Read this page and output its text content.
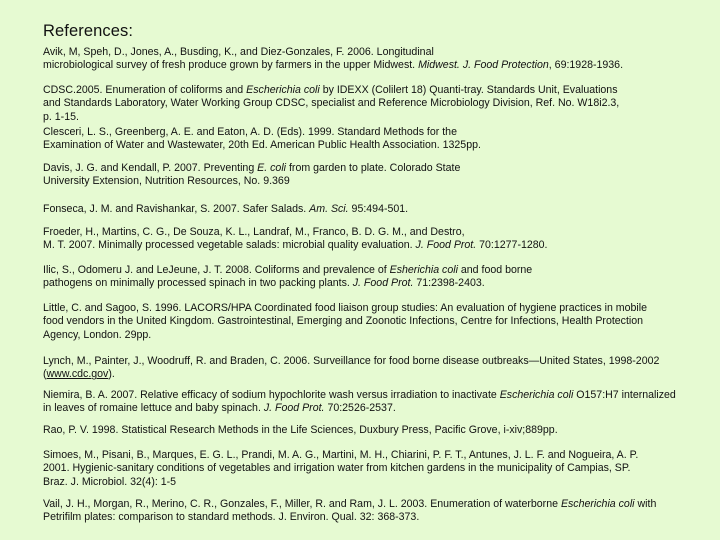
References:
Avik, M, Speh, D., Jones, A., Busding, K., and Diez-Gonzales, F. 2006. Longitudinal
microbiological survey of fresh produce grown by farmers in the upper Midwest. Midwest. J. Food Protection, 69:1928-1936.
CDSC.2005. Enumeration of coliforms and Escherichia coli by IDEXX (Colilert 18) Quanti-tray. Standards Unit, Evaluations
and Standards Laboratory, Water Working Group CDSC, specialist and Reference Microbiology Division, Ref. No. W18i2.3,
p. 1-15.
Clesceri, L. S., Greenberg, A. E. and Eaton, A. D. (Eds). 1999. Standard Methods for the
Examination of Water and Wastewater, 20th Ed. American Public Health Association. 1325pp.
Davis, J. G. and Kendall, P. 2007. Preventing E. coli from garden to plate. Colorado State
University Extension, Nutrition Resources, No. 9.369
Fonseca, J. M. and Ravishankar, S. 2007. Safer Salads. Am. Sci. 95:494-501.
Froeder, H., Martins, C. G., De Souza, K. L., Landraf, M., Franco, B. D. G. M., and Destro,
M. T. 2007. Minimally processed vegetable salads: microbial quality evaluation. J. Food Prot. 70:1277-1280.
Ilic, S., Odomeru J. and LeJeune, J. T. 2008. Coliforms and prevalence of Esherichia coli and food borne
pathogens on minimally processed spinach in two packing plants. J. Food Prot. 71:2398-2403.
Little, C. and Sagoo, S. 1996. LACORS/HPA Coordinated food liaison group studies: An evaluation of hygiene practices in mobile
food vendors in the United Kingdom. Gastrointestinal, Emerging and Zoonotic Infections, Centre for Infections, Health Protection
Agency, London. 29pp.
Lynch, M., Painter, J., Woodruff, R. and Braden, C. 2006. Surveillance for food borne disease outbreaks—United States, 1998-2002
(www.cdc.gov).
Niemira, B. A. 2007. Relative efficacy of sodium hypochlorite wash versus irradiation to inactivate Escherichia coli O157:H7 internalized
in leaves of romaine lettuce and baby spinach. J. Food Prot. 70:2526-2537.
Rao, P. V. 1998. Statistical Research Methods in the Life Sciences, Duxbury Press, Pacific Grove, i-xiv;889pp.
Simoes, M., Pisani, B., Marques, E. G. L., Prandi, M. A. G., Martini, M. H., Chiarini, P. F. T., Antunes, J. L. F. and Nogueira, A. P.
2001. Hygienic-sanitary conditions of vegetables and irrigation water from kitchen gardens in the municipality of Campias, SP.
Braz. J. Microbiol. 32(4): 1-5
Vail, J. H., Morgan, R., Merino, C. R., Gonzales, F., Miller, R. and Ram, J. L. 2003. Enumeration of waterborne Escherichia coli with
Petrifilm plates: comparison to standard methods. J. Environ. Qual. 32: 368-373.
